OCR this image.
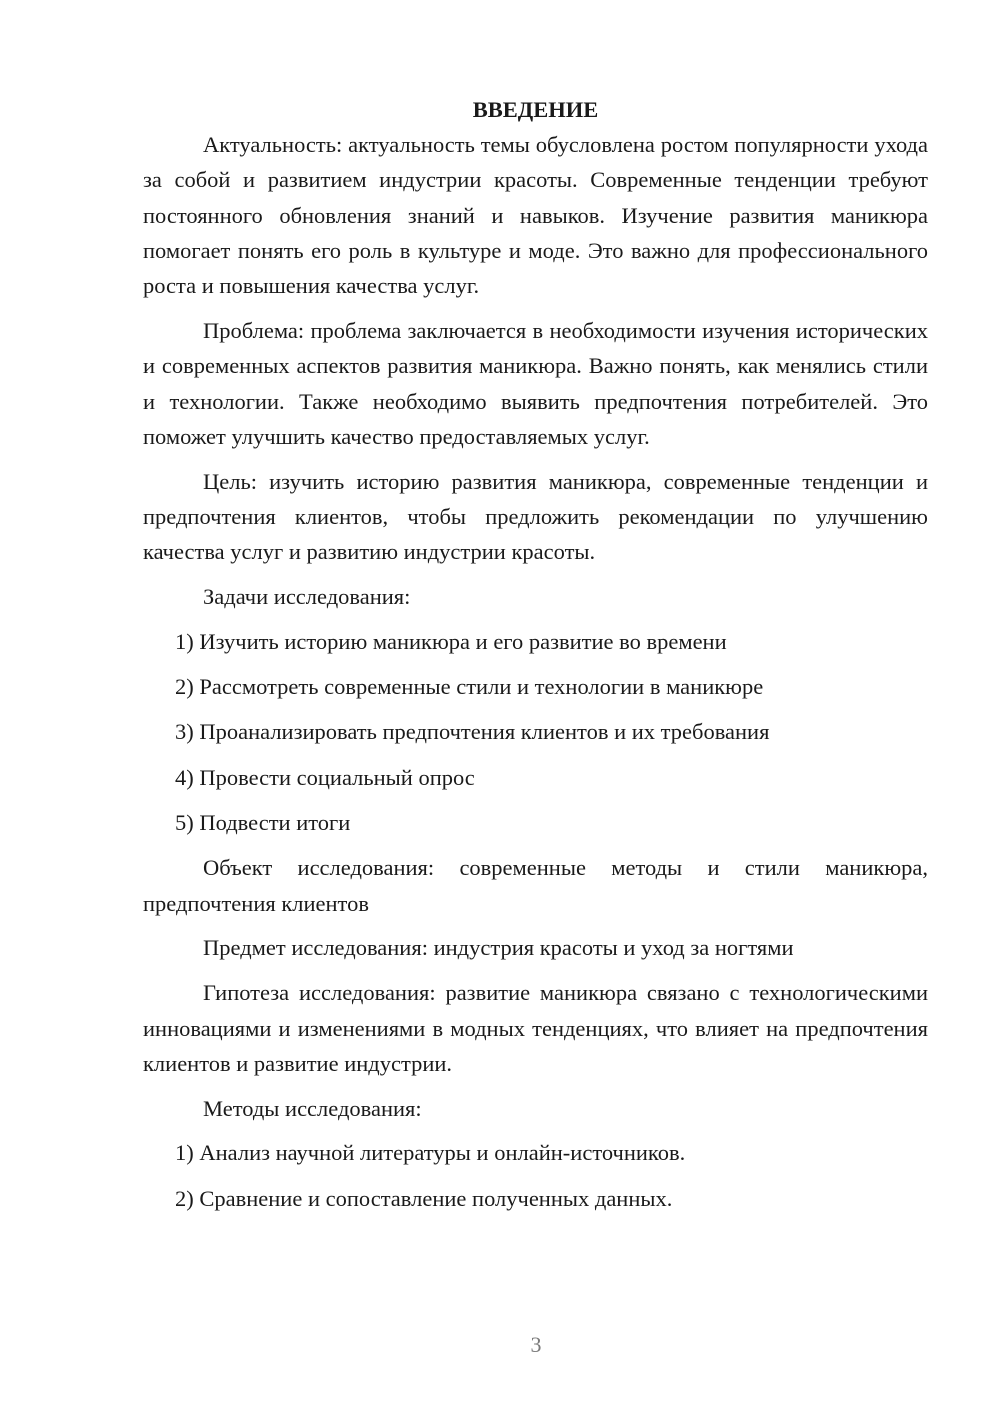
ВВЕДЕНИЕ

Актуальность: актуальность темы обусловлена ростом популярности ухода за собой и развитием индустрии красоты. Современные тенденции требуют постоянного обновления знаний и навыков. Изучение развития маникюра помогает понять его роль в культуре и моде. Это важно для профессионального роста и повышения качества услуг.

Проблема: проблема заключается в необходимости изучения исторических и современных аспектов развития маникюра. Важно понять, как менялись стили и технологии. Также необходимо выявить предпочтения потребителей. Это поможет улучшить качество предоставляемых услуг.

Цель: изучить историю развития маникюра, современные тенденции и предпочтения клиентов, чтобы предложить рекомендации по улучшению качества услуг и развитию индустрии красоты.

Задачи исследования:

1) Изучить историю маникюра и его развитие во времени

2) Рассмотреть современные стили и технологии в маникюре

3) Проанализировать предпочтения клиентов и их требования

4) Провести социальный опрос

5) Подвести итоги

Объект исследования: современные методы и стили маникюра, предпочтения клиентов

Предмет исследования: индустрия красоты и уход за ногтями

Гипотеза исследования: развитие маникюра связано с технологическими инновациями и изменениями в модных тенденциях, что влияет на предпочтения клиентов и развитие индустрии.

Методы исследования:

1) Анализ научной литературы и онлайн-источников.

2) Сравнение и сопоставление полученных данных.

3
